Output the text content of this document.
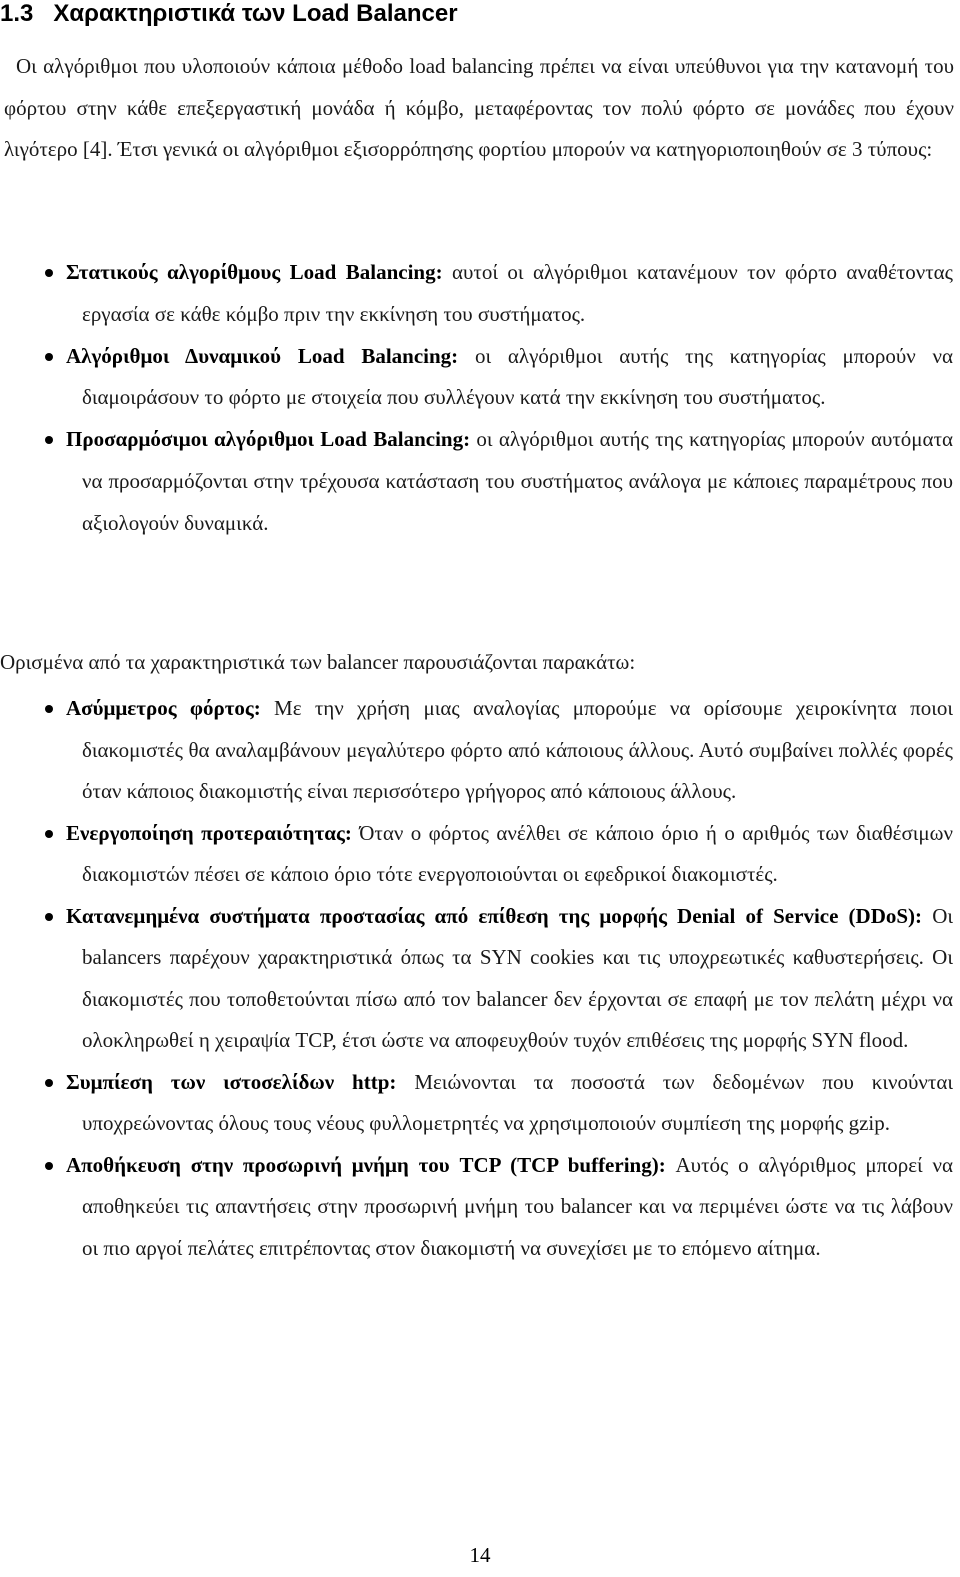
1.3 Χαρακτηριστικά των Load Balancer

Οι αλγόριθμοι που υλοποιούν κάποια μέθοδο load balancing πρέπει να είναι υπεύθυνοι για την κατανομή του φόρτου στην κάθε επεξεργαστική μονάδα ή κόμβο, μεταφέροντας τον πολύ φόρτο σε μονάδες που έχουν λιγότερο [4]. Έτσι γενικά οι αλγόριθμοι εξισορρόπησης φορτίου μπορούν να κατηγοριοποιηθούν σε 3 τύπους:

Στατικούς αλγορίθμους Load Balancing: αυτοί οι αλγόριθμοι κατανέμουν τον φόρτο αναθέτοντας εργασία σε κάθε κόμβο πριν την εκκίνηση του συστήματος.
Αλγόριθμοι Δυναμικού Load Balancing: οι αλγόριθμοι αυτής της κατηγορίας μπορούν να διαμοιράσουν το φόρτο με στοιχεία που συλλέγουν κατά την εκκίνηση του συστήματος.
Προσαρμόσιμοι αλγόριθμοι Load Balancing: οι αλγόριθμοι αυτής της κατηγορίας μπορούν αυτόματα να προσαρμόζονται στην τρέχουσα κατάσταση του συστήματος ανάλογα με κάποιες παραμέτρους που αξιολογούν δυναμικά.

Ορισμένα από τα χαρακτηριστικά των balancer παρουσιάζονται παρακάτω:

Ασύμμετρος φόρτος: Με την χρήση μιας αναλογίας μπορούμε να ορίσουμε χειροκίνητα ποιοι διακομιστές θα αναλαμβάνουν μεγαλύτερο φόρτο από κάποιους άλλους. Αυτό συμβαίνει πολλές φορές όταν κάποιος διακομιστής είναι περισσότερο γρήγορος από κάποιους άλλους.
Ενεργοποίηση προτεραιότητας: Όταν ο φόρτος ανέλθει σε κάποιο όριο ή ο αριθμός των διαθέσιμων διακομιστών πέσει σε κάποιο όριο τότε ενεργοποιούνται οι εφεδρικοί διακομιστές.
Κατανεμημένα συστήματα προστασίας από επίθεση της μορφής Denial of Service (DDoS): Οι balancers παρέχουν χαρακτηριστικά όπως τα SYN cookies και τις υποχρεωτικές καθυστερήσεις. Οι διακομιστές που τοποθετούνται πίσω από τον balancer δεν έρχονται σε επαφή με τον πελάτη μέχρι να ολοκληρωθεί η χειραψία TCP, έτσι ώστε να αποφευχθούν τυχόν επιθέσεις της μορφής SYN flood.
Συμπίεση των ιστοσελίδων http: Μειώνονται τα ποσοστά των δεδομένων που κινούνται υποχρεώνοντας όλους τους νέους φυλλομετρητές να χρησιμοποιούν συμπίεση της μορφής gzip.
Αποθήκευση στην προσωρινή μνήμη του TCP (TCP buffering): Αυτός ο αλγόριθμος μπορεί να αποθηκεύει τις απαντήσεις στην προσωρινή μνήμη του balancer και να περιμένει ώστε να τις λάβουν οι πιο αργοί πελάτες επιτρέποντας στον διακομιστή να συνεχίσει με το επόμενο αίτημα.
14
